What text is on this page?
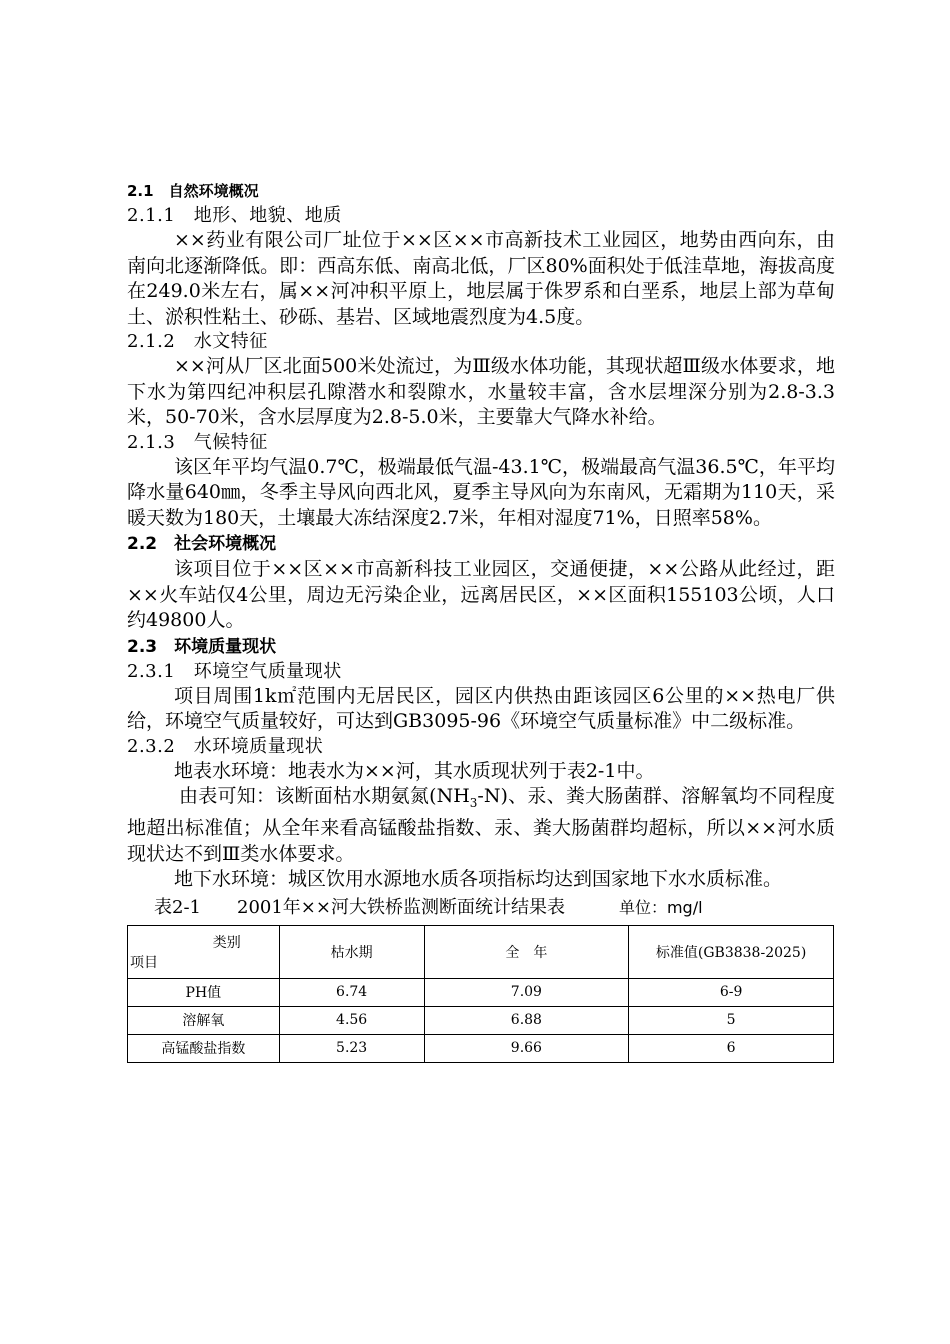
2.1　自然环境概况

2.1.1　地形、地貌、地质

××药业有限公司厂址位于××区××市高新技术工业园区，地势由西向东，由南向北逐渐降低。即：西高东低、南高北低，厂区80%面积处于低洼草地，海拔高度在249.0米左右，属××河冲积平原上，地层属于侏罗系和白垩系，地层上部为草甸土、淤积性粘土、砂砾、基岩、区域地震烈度为4.5度。

2.1.2　水文特征

××河从厂区北面500米处流过，为Ⅲ级水体功能，其现状超Ⅲ级水体要求，地下水为第四纪冲积层孔隙潜水和裂隙水，水量较丰富，含水层埋深分别为2.8-3.3米，50-70米，含水层厚度为2.8-5.0米，主要靠大气降水补给。

2.1.3　气候特征

该区年平均气温0.7℃，极端最低气温-43.1℃，极端最高气温36.5℃，年平均降水量640㎜，冬季主导风向西北风，夏季主导风向为东南风，无霜期为110天，采暖天数为180天，土壤最大冻结深度2.7米，年相对湿度71%，日照率58%。

2.2　社会环境概况

该项目位于××区××市高新科技工业园区，交通便捷，××公路从此经过，距××火车站仅4公里，周边无污染企业，远离居民区，××区面积155103公顷，人口约49800人。

2.3　环境质量现状

2.3.1　环境空气质量现状

项目周围1k㎡范围内无居民区，园区内供热由距该园区6公里的××热电厂供给，环境空气质量较好，可达到GB3095-96《环境空气质量标准》中二级标准。

2.3.2　水环境质量现状

地表水环境：地表水为××河，其水质现状列于表2-1中。

由表可知：该断面枯水期氨氮$(NH_3-N)$、汞、粪大肠菌群、溶解氧均不同程度地超出标准值；从全年来看高锰酸盐指数、汞、粪大肠菌群均超标，所以××河水质现状达不到Ⅲ类水体要求。

地下水环境：城区饮用水源地水质各项指标均达到国家地下水水质标准。

表2-1　　2001年××河大铁桥监测断面统计结果表　　　单位：mg/l

类别
项目	枯水期	全　年	标准值(GB3838-2025)
PH值	6.74	7.09	6-9
溶解氧	4.56	6.88	5
高锰酸盐指数	5.23	9.66	6
